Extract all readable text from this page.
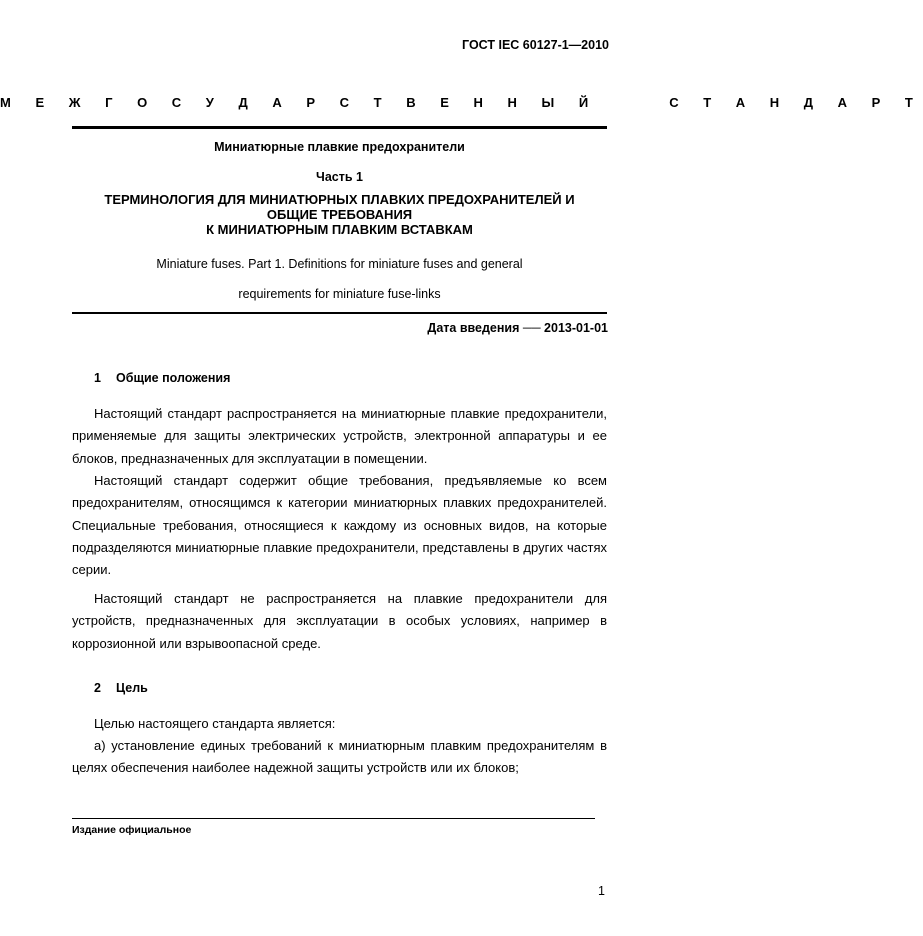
ГОСТ IEC 60127-1—2010
М Е Ж Г О С У Д А Р С Т В Е Н Н Ы Й     С Т А Н Д А Р Т
Миниатюрные плавкие предохранители
Часть 1
ТЕРМИНОЛОГИЯ ДЛЯ МИНИАТЮРНЫХ ПЛАВКИХ ПРЕДОХРАНИТЕЛЕЙ И
ОБЩИЕ ТРЕБОВАНИЯ
К МИНИАТЮРНЫМ ПЛАВКИМ ВСТАВКАМ
Miniature fuses. Part 1. Definitions for miniature fuses and general
requirements for miniature fuse-links
Дата введения ── 2013-01-01
1 Общие положения

Настоящий стандарт распространяется на миниатюрные плавкие предохранители, применяемые для защиты электрических устройств, электронной аппаратуры и ее блоков, предназначенных для эксплуатации в помещении.

Настоящий стандарт содержит общие требования, предъявляемые ко всем предохранителям, относящимся к категории миниатюрных плавких предохранителей. Специальные требования, относящиеся к каждому из основных видов, на которые подразделяются миниатюрные плавкие предохранители, представлены в других частях серии.

Настоящий стандарт не распространяется на плавкие предохранители для устройств, предназначенных для эксплуатации в особых условиях, например в коррозионной или взрывоопасной среде.

2 Цель

Целью настоящего стандарта является:

а) установление единых требований к миниатюрным плавким предохранителям в целях обеспечения наиболее надежной защиты устройств или их блоков;

Издание официальное
1
